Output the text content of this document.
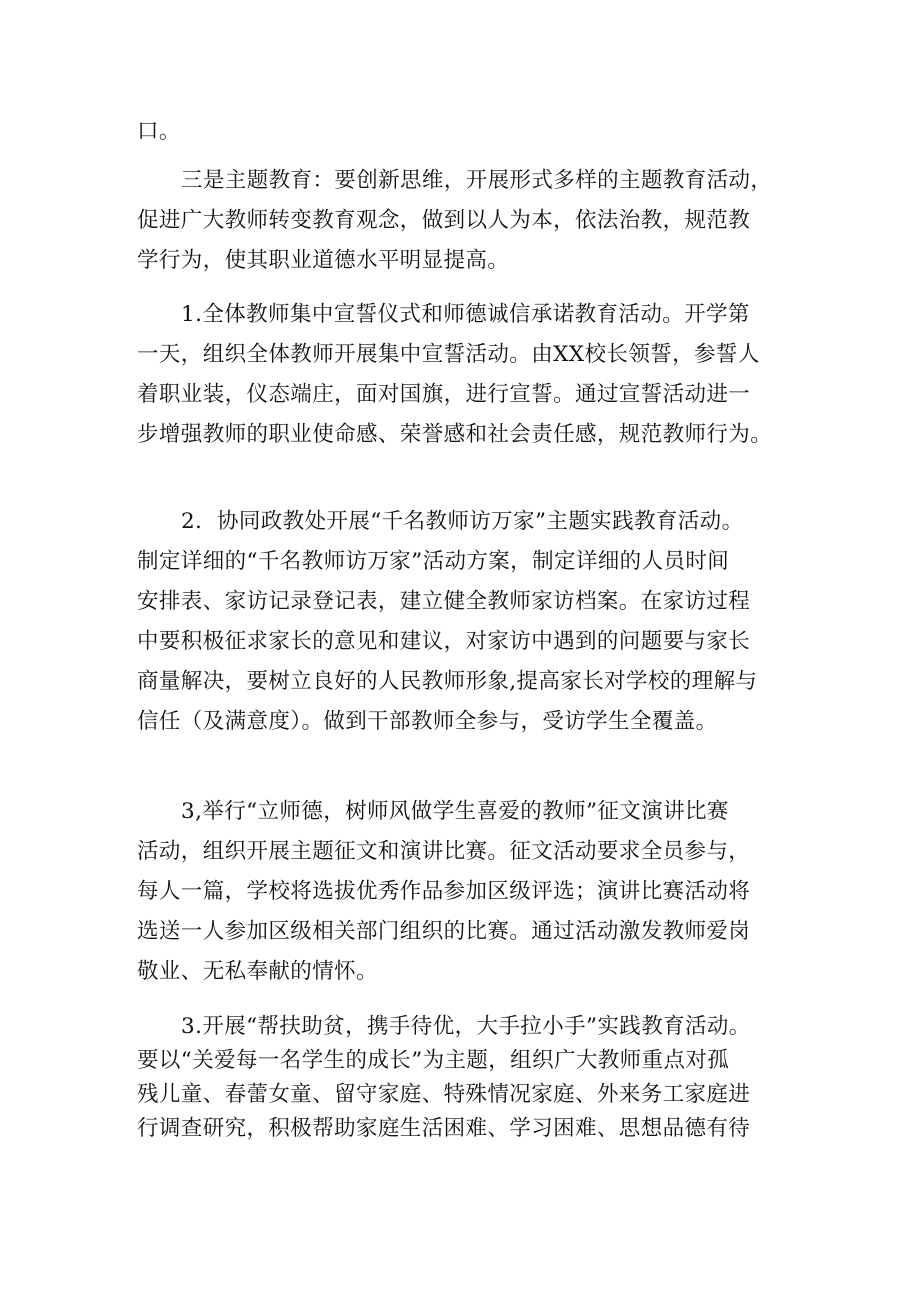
口。

三是主题教育：要创新思维，开展形式多样的主题教育活动，
促进广大教师转变教育观念，做到以人为本，依法治教，规范教
学行为，使其职业道德水平明显提高。

1.全体教师集中宣誓仪式和师德诚信承诺教育活动。开学第
一天，组织全体教师开展集中宣誓活动。由XX校长领誓，参誓人
着职业装，仪态端庄，面对国旗，进行宣誓。通过宣誓活动进一
步增强教师的职业使命感、荣誉感和社会责任感，规范教师行为。

2．协同政教处开展“千名教师访万家”主题实践教育活动。
制定详细的“千名教师访万家”活动方案，制定详细的人员时间
安排表、家访记录登记表，建立健全教师家访档案。在家访过程
中要积极征求家长的意见和建议，对家访中遇到的问题要与家长
商量解决，要树立良好的人民教师形象,提高家长对学校的理解与
信任（及满意度）。做到干部教师全参与，受访学生全覆盖。

3,举行“立师德，树师风做学生喜爱的教师”征文演讲比赛
活动，组织开展主题征文和演讲比赛。征文活动要求全员参与，
每人一篇，学校将选拔优秀作品参加区级评选；演讲比赛活动将
选送一人参加区级相关部门组织的比赛。通过活动激发教师爱岗
敬业、无私奉献的情怀。

3.开展“帮扶助贫，携手待优，大手拉小手”实践教育活动。
要以“关爱每一名学生的成长”为主题，组织广大教师重点对孤
残儿童、春蕾女童、留守家庭、特殊情况家庭、外来务工家庭进
行调查研究，积极帮助家庭生活困难、学习困难、思想品德有待
